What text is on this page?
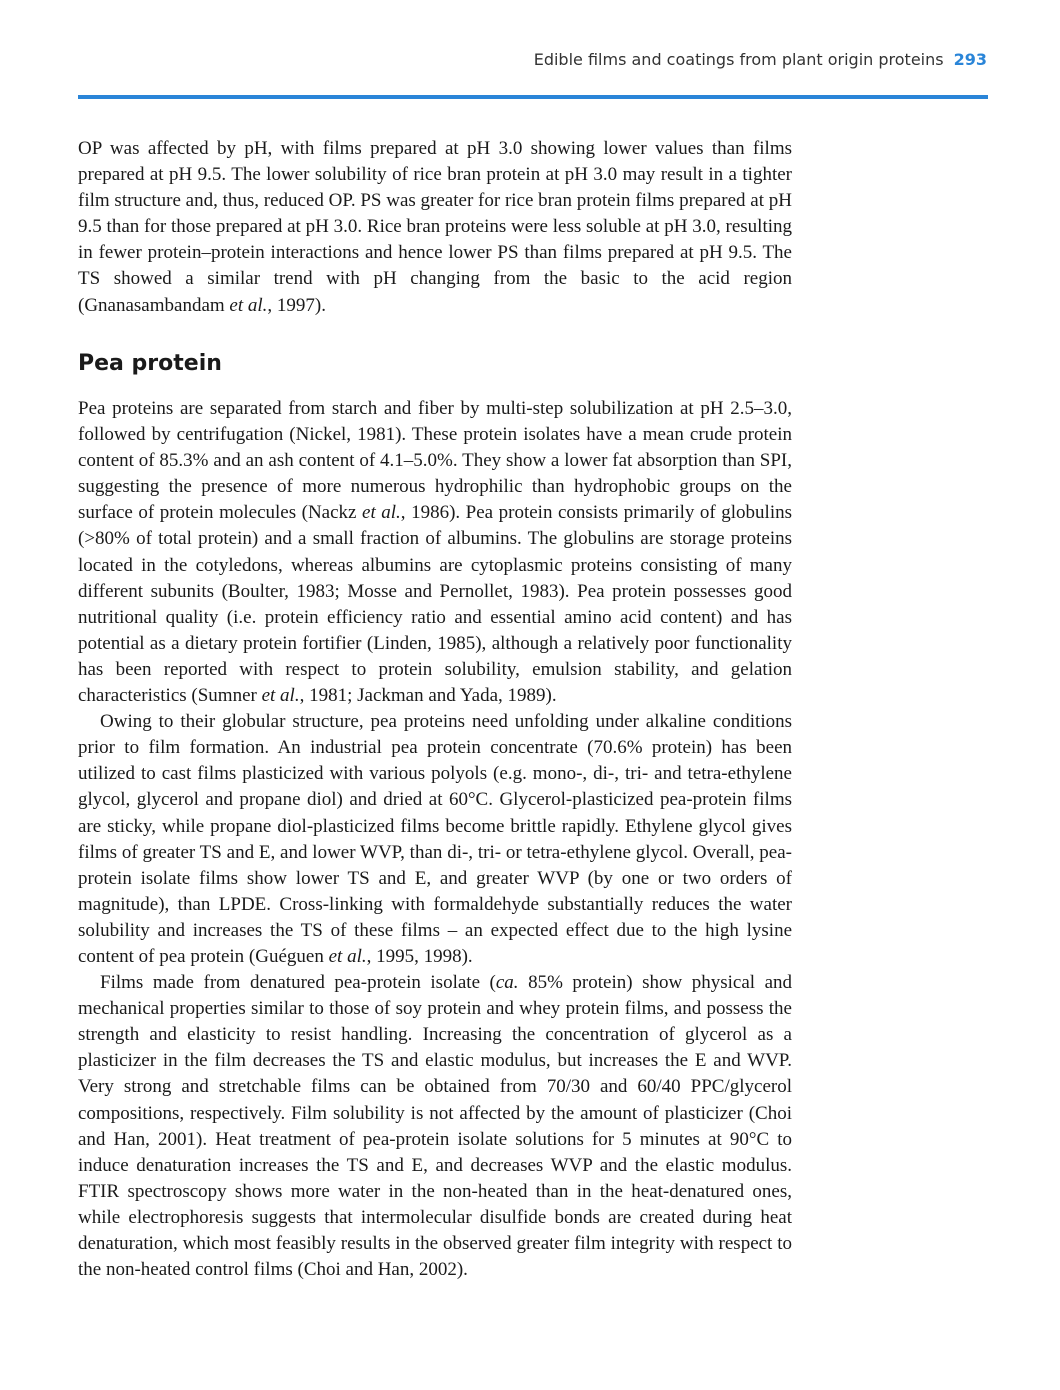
Edible films and coatings from plant origin proteins 293

OP was affected by pH, with films prepared at pH 3.0 showing lower values than films prepared at pH 9.5. The lower solubility of rice bran protein at pH 3.0 may result in a tighter film structure and, thus, reduced OP. PS was greater for rice bran protein films prepared at pH 9.5 than for those prepared at pH 3.0. Rice bran proteins were less soluble at pH 3.0, resulting in fewer protein–protein interactions and hence lower PS than films prepared at pH 9.5. The TS showed a similar trend with pH changing from the basic to the acid region (Gnanasambandam et al., 1997).

Pea protein

Pea proteins are separated from starch and fiber by multi-step solubilization at pH 2.5–3.0, followed by centrifugation (Nickel, 1981). These protein isolates have a mean crude protein content of 85.3% and an ash content of 4.1–5.0%. They show a lower fat absorption than SPI, suggesting the presence of more numerous hydrophilic than hydrophobic groups on the surface of protein molecules (Nackz et al., 1986). Pea protein consists primarily of globulins (>80% of total protein) and a small fraction of albumins. The globulins are storage proteins located in the cotyledons, whereas albumins are cytoplasmic proteins consisting of many different subunits (Boulter, 1983; Mosse and Pernollet, 1983). Pea protein possesses good nutritional quality (i.e. protein efficiency ratio and essential amino acid content) and has potential as a dietary protein fortifier (Linden, 1985), although a relatively poor functionality has been reported with respect to protein solubility, emulsion stability, and gelation characteristics (Sumner et al., 1981; Jackman and Yada, 1989).

Owing to their globular structure, pea proteins need unfolding under alkaline conditions prior to film formation. An industrial pea protein concentrate (70.6% protein) has been utilized to cast films plasticized with various polyols (e.g. mono-, di-, tri- and tetra-ethylene glycol, glycerol and propane diol) and dried at 60°C. Glycerol-plasticized pea-protein films are sticky, while propane diol-plasticized films become brittle rapidly. Ethylene glycol gives films of greater TS and E, and lower WVP, than di-, tri- or tetra-ethylene glycol. Overall, pea-protein isolate films show lower TS and E, and greater WVP (by one or two orders of magnitude), than LPDE. Cross-linking with formaldehyde substantially reduces the water solubility and increases the TS of these films – an expected effect due to the high lysine content of pea protein (Guéguen et al., 1995, 1998).

Films made from denatured pea-protein isolate (ca. 85% protein) show physical and mechanical properties similar to those of soy protein and whey protein films, and possess the strength and elasticity to resist handling. Increasing the concentration of glycerol as a plasticizer in the film decreases the TS and elastic modulus, but increases the E and WVP. Very strong and stretchable films can be obtained from 70/30 and 60/40 PPC/glycerol compositions, respectively. Film solubility is not affected by the amount of plasticizer (Choi and Han, 2001). Heat treatment of pea-protein isolate solutions for 5 minutes at 90°C to induce denaturation increases the TS and E, and decreases WVP and the elastic modulus. FTIR spectroscopy shows more water in the non-heated than in the heat-denatured ones, while electrophoresis suggests that intermolecular disulfide bonds are created during heat denaturation, which most feasibly results in the observed greater film integrity with respect to the non-heated control films (Choi and Han, 2002).
